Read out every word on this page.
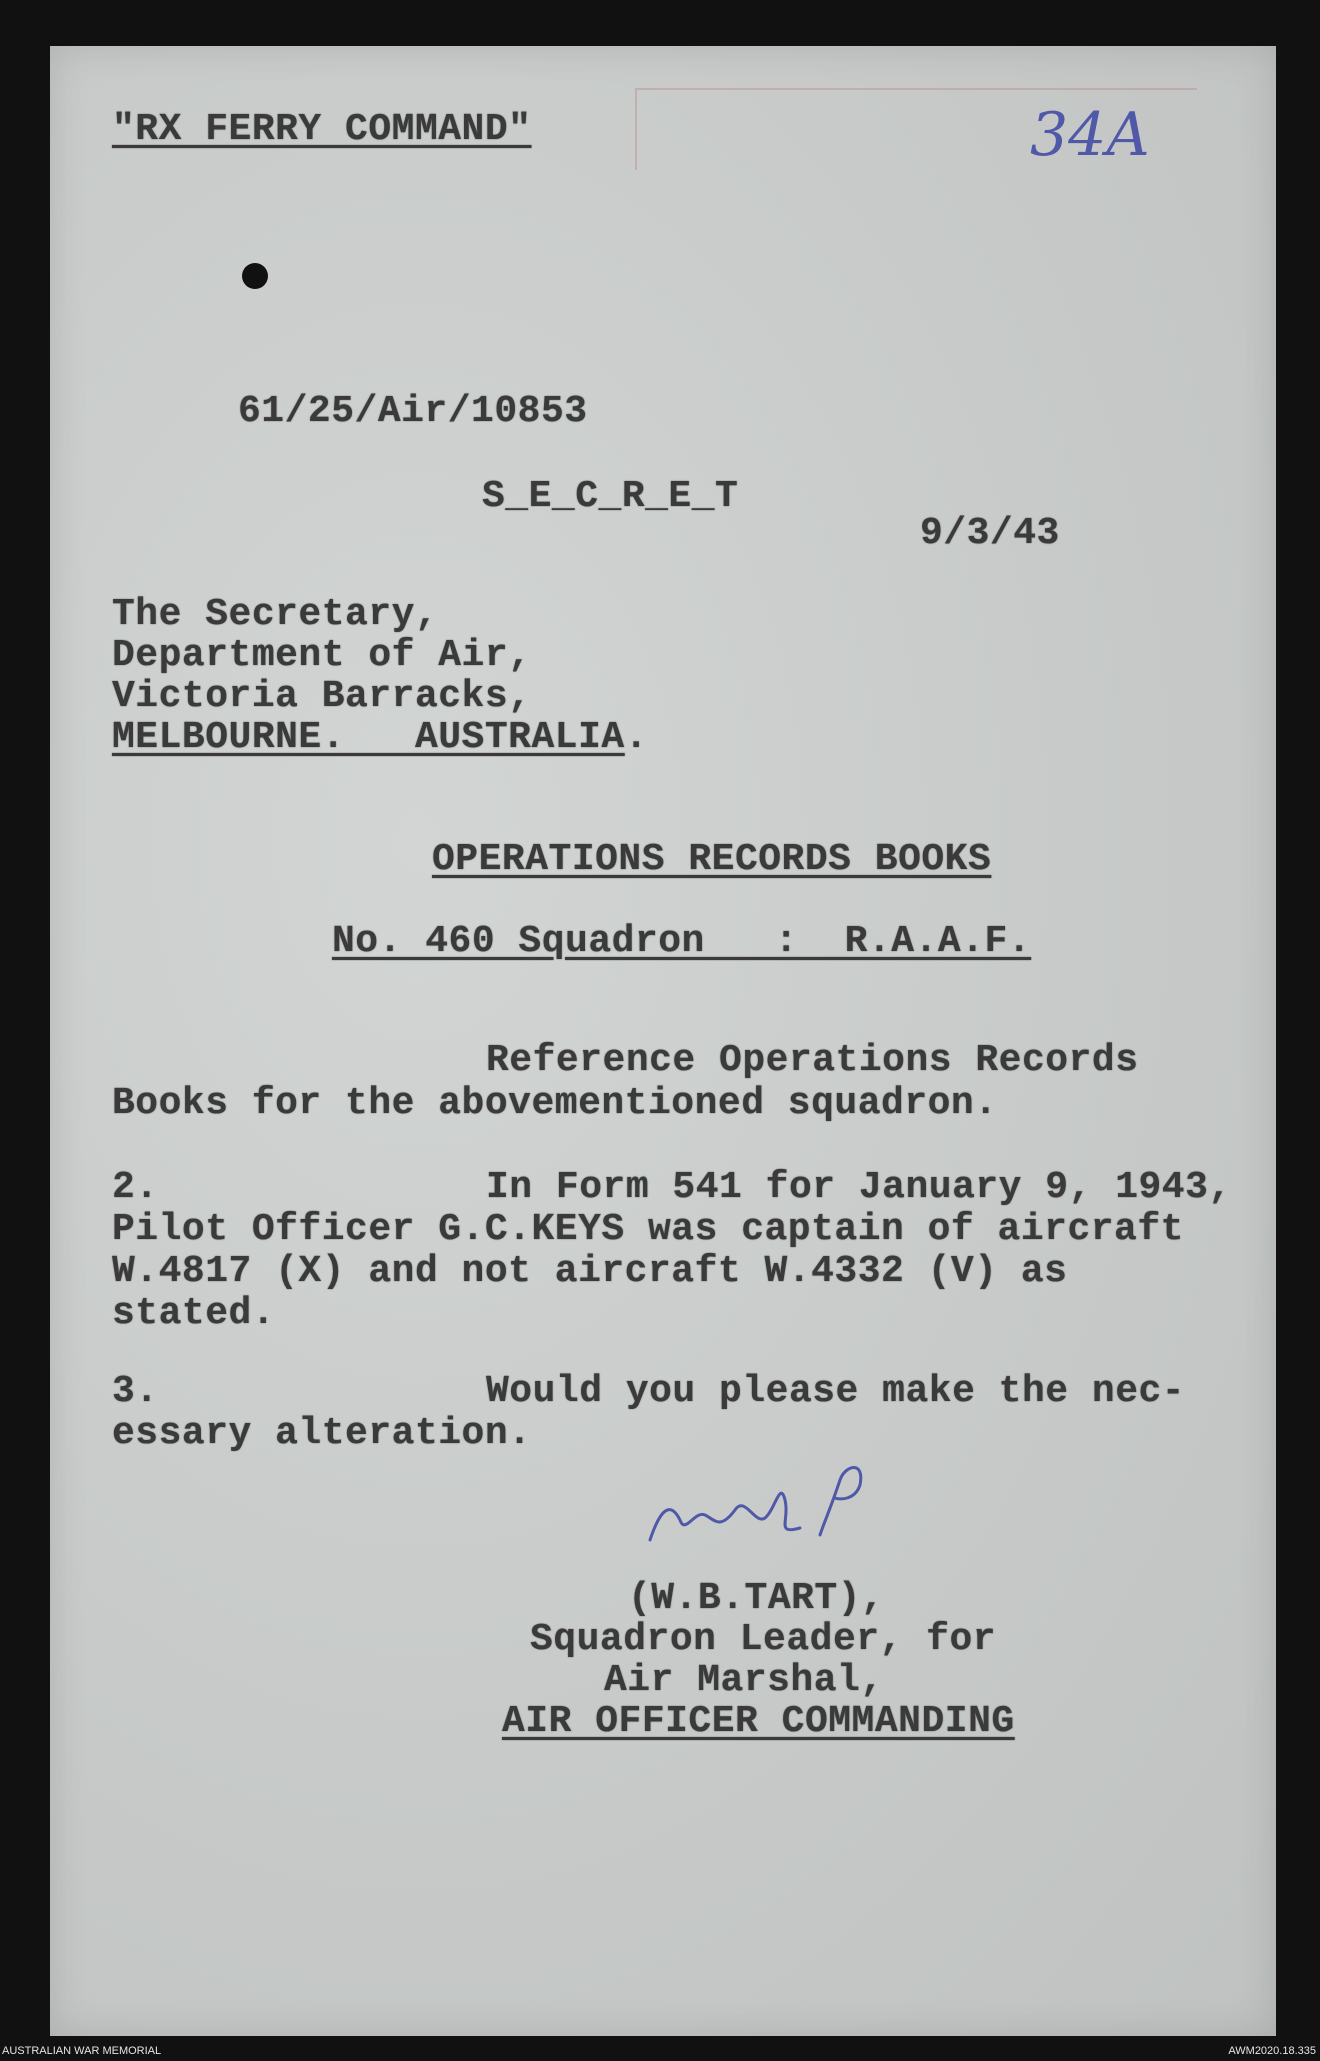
34A
"RX FERRY COMMAND"
61/25/Air/10853
S_E_C_R_E_T
9/3/43
The Secretary,
Department of Air,
Victoria Barracks,
MELBOURNE.   AUSTRALIA.
OPERATIONS RECORDS BOOKS
No. 460 Squadron   :  R.A.A.F.
Reference Operations Records
Books for the abovementioned squadron.
2.	In Form 541 for January 9, 1943,
Pilot Officer G.C.KEYS was captain of aircraft
W.4817 (X) and not aircraft W.4332 (V) as
stated.
3.	Would you please make the nec-
essary alteration.
(W.B.TART),
Squadron Leader, for
Air Marshal,
AIR OFFICER COMMANDING
AUSTRALIAN WAR MEMORIAL	AWM2020.18.335
